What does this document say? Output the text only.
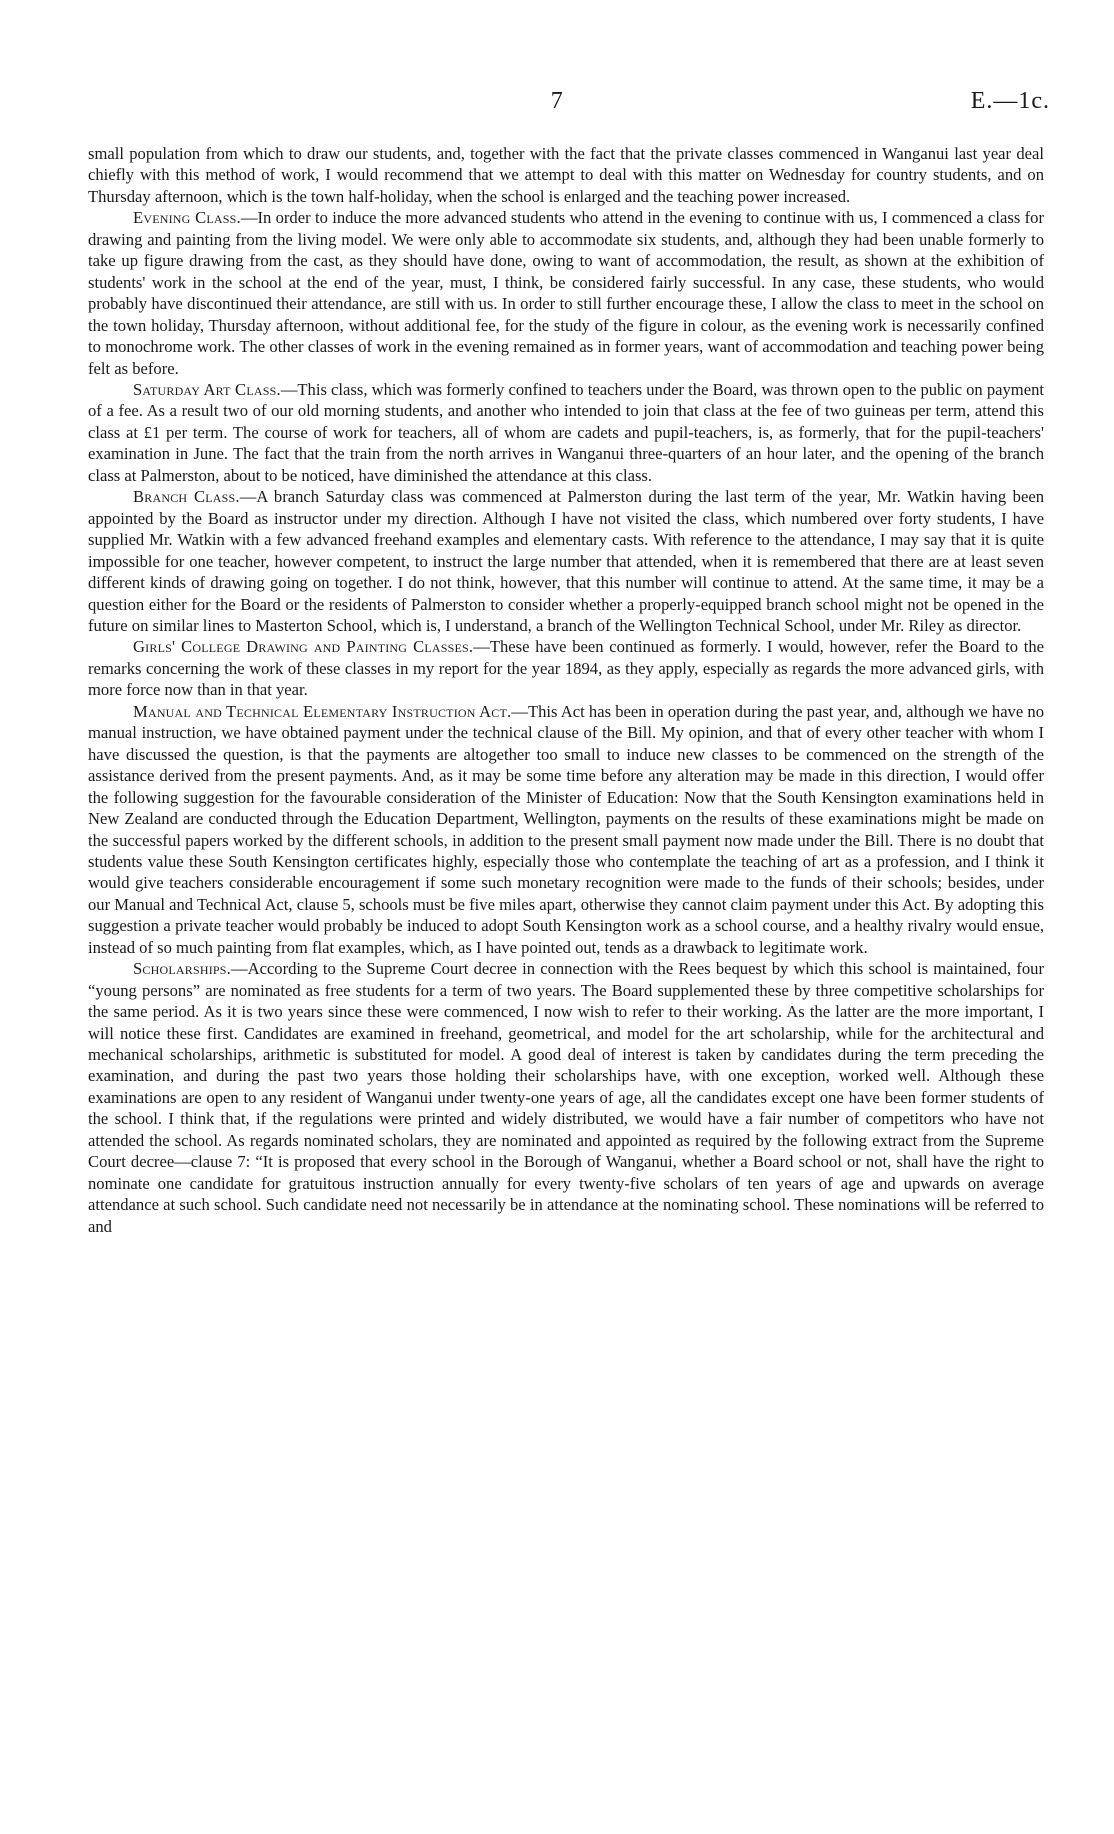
7	E.—1c.

small population from which to draw our students, and, together with the fact that the private classes commenced in Wanganui last year deal chiefly with this method of work, I would recommend that we attempt to deal with this matter on Wednesday for country students, and on Thursday afternoon, which is the town half-holiday, when the school is enlarged and the teaching power increased.

Evening Class.—In order to induce the more advanced students who attend in the evening to continue with us, I commenced a class for drawing and painting from the living model. We were only able to accommodate six students, and, although they had been unable formerly to take up figure drawing from the cast, as they should have done, owing to want of accommodation, the result, as shown at the exhibition of students' work in the school at the end of the year, must, I think, be considered fairly successful. In any case, these students, who would probably have discontinued their attendance, are still with us. In order to still further encourage these, I allow the class to meet in the school on the town holiday, Thursday afternoon, without additional fee, for the study of the figure in colour, as the evening work is necessarily confined to monochrome work. The other classes of work in the evening remained as in former years, want of accommodation and teaching power being felt as before.

Saturday Art Class.—This class, which was formerly confined to teachers under the Board, was thrown open to the public on payment of a fee. As a result two of our old morning students, and another who intended to join that class at the fee of two guineas per term, attend this class at £1 per term. The course of work for teachers, all of whom are cadets and pupil-teachers, is, as formerly, that for the pupil-teachers' examination in June. The fact that the train from the north arrives in Wanganui three-quarters of an hour later, and the opening of the branch class at Palmerston, about to be noticed, have diminished the attendance at this class.

Branch Class.—A branch Saturday class was commenced at Palmerston during the last term of the year, Mr. Watkin having been appointed by the Board as instructor under my direction. Although I have not visited the class, which numbered over forty students, I have supplied Mr. Watkin with a few advanced freehand examples and elementary casts. With reference to the attendance, I may say that it is quite impossible for one teacher, however competent, to instruct the large number that attended, when it is remembered that there are at least seven different kinds of drawing going on together. I do not think, however, that this number will continue to attend. At the same time, it may be a question either for the Board or the residents of Palmerston to consider whether a properly-equipped branch school might not be opened in the future on similar lines to Masterton School, which is, I understand, a branch of the Wellington Technical School, under Mr. Riley as director.

Girls' College Drawing and Painting Classes.—These have been continued as formerly. I would, however, refer the Board to the remarks concerning the work of these classes in my report for the year 1894, as they apply, especially as regards the more advanced girls, with more force now than in that year.

Manual and Technical Elementary Instruction Act.—This Act has been in operation during the past year, and, although we have no manual instruction, we have obtained payment under the technical clause of the Bill. My opinion, and that of every other teacher with whom I have discussed the question, is that the payments are altogether too small to induce new classes to be commenced on the strength of the assistance derived from the present payments. And, as it may be some time before any alteration may be made in this direction, I would offer the following suggestion for the favourable consideration of the Minister of Education: Now that the South Kensington examinations held in New Zealand are conducted through the Education Department, Wellington, payments on the results of these examinations might be made on the successful papers worked by the different schools, in addition to the present small payment now made under the Bill. There is no doubt that students value these South Kensington certificates highly, especially those who contemplate the teaching of art as a profession, and I think it would give teachers considerable encouragement if some such monetary recognition were made to the funds of their schools; besides, under our Manual and Technical Act, clause 5, schools must be five miles apart, otherwise they cannot claim payment under this Act. By adopting this suggestion a private teacher would probably be induced to adopt South Kensington work as a school course, and a healthy rivalry would ensue, instead of so much painting from flat examples, which, as I have pointed out, tends as a drawback to legitimate work.

Scholarships.—According to the Supreme Court decree in connection with the Rees bequest by which this school is maintained, four “young persons” are nominated as free students for a term of two years. The Board supplemented these by three competitive scholarships for the same period. As it is two years since these were commenced, I now wish to refer to their working. As the latter are the more important, I will notice these first. Candidates are examined in freehand, geometrical, and model for the art scholarship, while for the architectural and mechanical scholarships, arithmetic is substituted for model. A good deal of interest is taken by candidates during the term preceding the examination, and during the past two years those holding their scholarships have, with one exception, worked well. Although these examinations are open to any resident of Wanganui under twenty-one years of age, all the candidates except one have been former students of the school. I think that, if the regulations were printed and widely distributed, we would have a fair number of competitors who have not attended the school. As regards nominated scholars, they are nominated and appointed as required by the following extract from the Supreme Court decree—clause 7: “It is proposed that every school in the Borough of Wanganui, whether a Board school or not, shall have the right to nominate one candidate for gratuitous instruction annually for every twenty-five scholars of ten years of age and upwards on average attendance at such school. Such candidate need not necessarily be in attendance at the nominating school. These nominations will be referred to and
